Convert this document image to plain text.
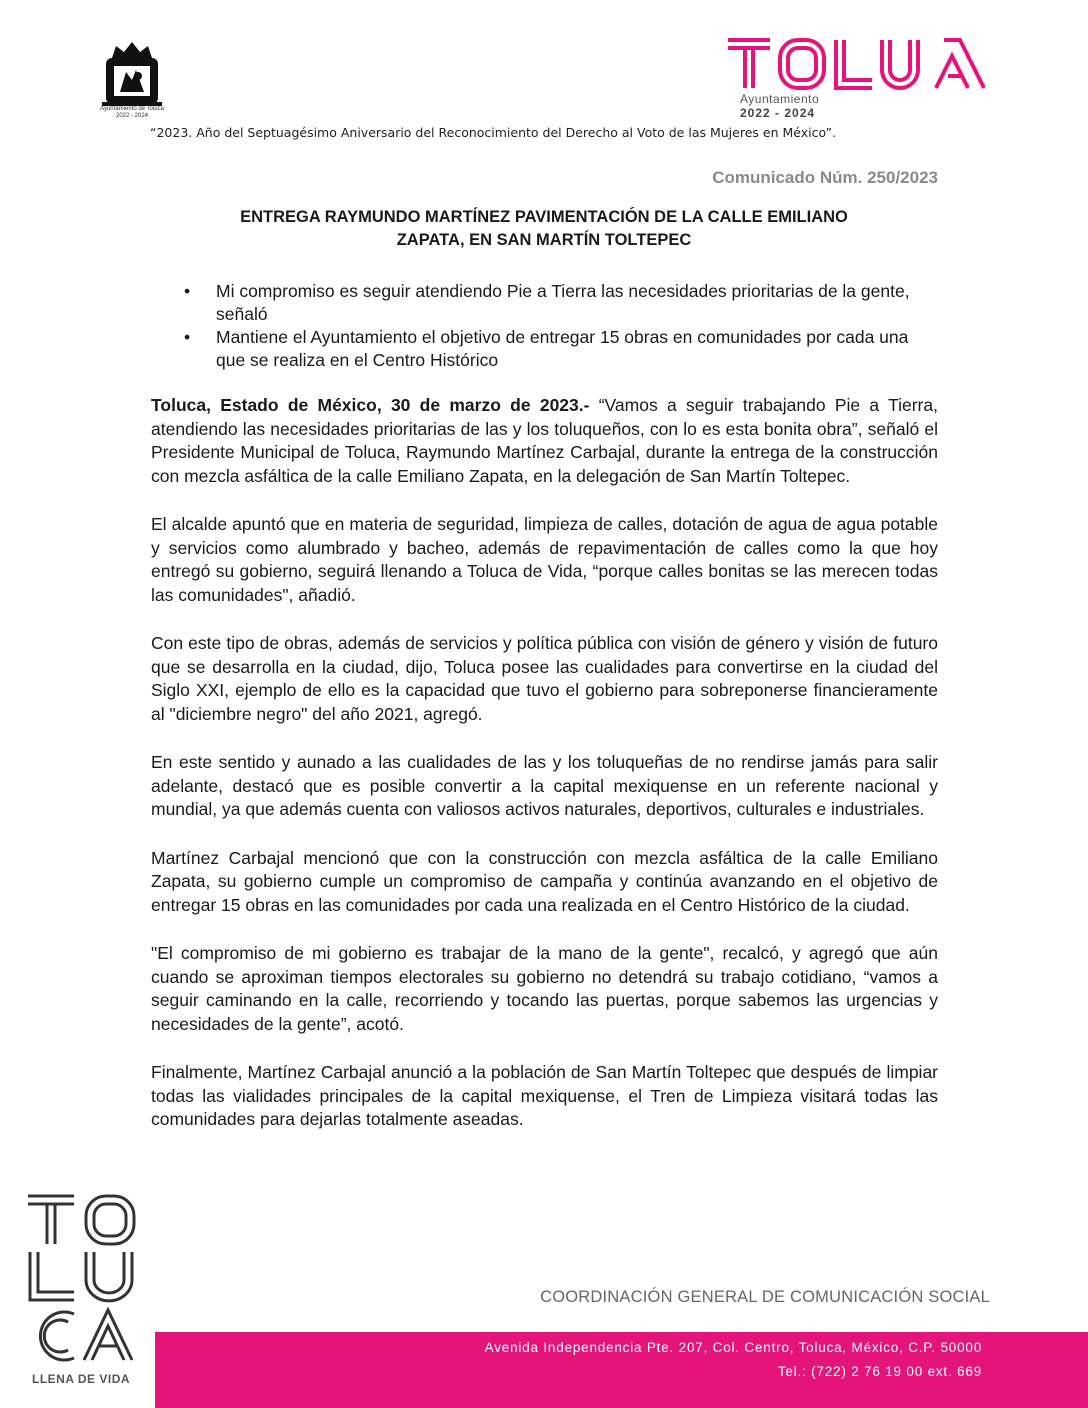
Ayuntamiento de Toluca
2022 - 2024
Ayuntamiento
2022 - 2024
“2023. Año del Septuagésimo Aniversario del Reconocimiento del Derecho al Voto de las Mujeres en México”.
Comunicado Núm. 250/2023
ENTREGA RAYMUNDO MARTÍNEZ PAVIMENTACIÓN DE LA CALLE EMILIANO
ZAPATA, EN SAN MARTÍN TOLTEPEC
• Mi compromiso es seguir atendiendo Pie a Tierra las necesidades prioritarias de la gente, señaló
• Mantiene el Ayuntamiento el objetivo de entregar 15 obras en comunidades por cada una que se realiza en el Centro Histórico

Toluca, Estado de México, 30 de marzo de 2023.- “Vamos a seguir trabajando Pie a Tierra, atendiendo las necesidades prioritarias de las y los toluqueños, con lo es esta bonita obra”, señaló el Presidente Municipal de Toluca, Raymundo Martínez Carbajal, durante la entrega de la construcción con mezcla asfáltica de la calle Emiliano Zapata, en la delegación de San Martín Toltepec.

El alcalde apuntó que en materia de seguridad, limpieza de calles, dotación de agua de agua potable y servicios como alumbrado y bacheo, además de repavimentación de calles como la que hoy entregó su gobierno, seguirá llenando a Toluca de Vida, “porque calles bonitas se las merecen todas las comunidades", añadió.

Con este tipo de obras, además de servicios y política pública con visión de género y visión de futuro que se desarrolla en la ciudad, dijo, Toluca posee las cualidades para convertirse en la ciudad del Siglo XXI, ejemplo de ello es la capacidad que tuvo el gobierno para sobreponerse financieramente al "diciembre negro" del año 2021, agregó.

En este sentido y aunado a las cualidades de las y los toluqueñas de no rendirse jamás para salir adelante, destacó que es posible convertir a la capital mexiquense en un referente nacional y mundial, ya que además cuenta con valiosos activos naturales, deportivos, culturales e industriales.

Martínez Carbajal mencionó que con la construcción con mezcla asfáltica de la calle Emiliano Zapata, su gobierno cumple un compromiso de campaña y continúa avanzando en el objetivo de entregar 15 obras en las comunidades por cada una realizada en el Centro Histórico de la ciudad.

"El compromiso de mi gobierno es trabajar de la mano de la gente", recalcó, y agregó que aún cuando se aproximan tiempos electorales su gobierno no detendrá su trabajo cotidiano, “vamos a seguir caminando en la calle, recorriendo y tocando las puertas, porque sabemos las urgencias y necesidades de la gente”, acotó.

Finalmente, Martínez Carbajal anunció a la población de San Martín Toltepec que después de limpiar todas las vialidades principales de la capital mexiquense, el Tren de Limpieza visitará todas las comunidades para dejarlas totalmente aseadas.

LLENA DE VIDA
COORDINACIÓN GENERAL DE COMUNICACIÓN SOCIAL
Avenida Independencia Pte. 207, Col. Centro, Toluca, México, C.P. 50000
Tel.: (722) 2 76 19 00 ext. 669
